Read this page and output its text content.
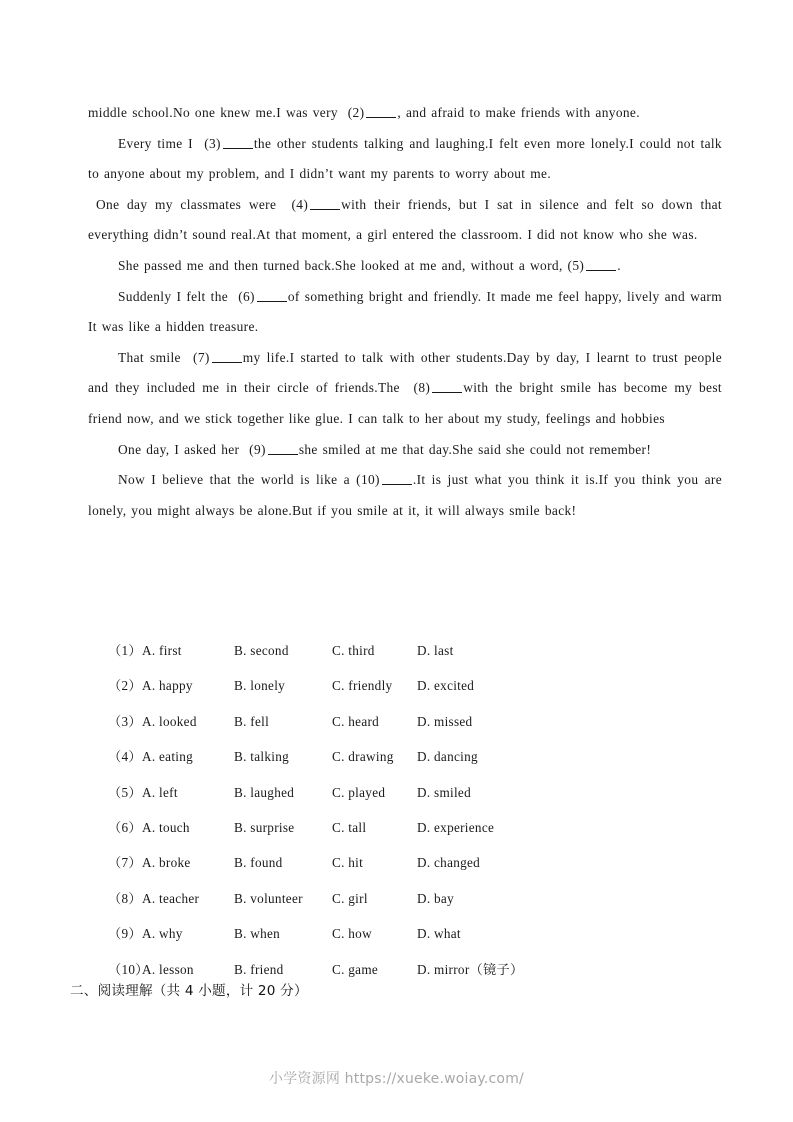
middle school.No one knew me.I was very  (2) , and afraid to make friends with anyone.
Every time I  (3) the other students talking and laughing.I felt even more lonely.I could not talk to anyone about my problem, and I didn’t want my parents to worry about me.
One day my classmates were  (4) with their friends, but I sat in silence and felt so down that everything didn’t sound real.At that moment, a girl entered the classroom. I did not know who she was.
She passed me and then turned back.She looked at me and, without a word, (5) .
Suddenly I felt the  (6) of something bright and friendly. It made me feel happy, lively and warm It was like a hidden treasure.
That smile  (7) my life.I started to talk with other students.Day by day, I learnt to trust people and they included me in their circle of friends.The  (8) with the bright smile has become my best friend now, and we stick together like glue. I can talk to her about my study, feelings and hobbies
One day, I asked her  (9) she smiled at me that day.She said she could not remember!
Now I believe that the world is like a (10) .It is just what you think it is.If you think you are lonely, you might always be alone.But if you smile at it, it will always smile back!
（1）A. first	B. second	C. third	D. last
（2）A. happy	B. lonely	C. friendly D. excited
（3）A. looked	B. fell	C. heard	D. missed
（4）A. eating	B. talking	C. drawing D. dancing
（5）A. left	B. laughed	C. played D. smiled
（6）A. touch	B. surprise	C. tall	D. experience
（7）A. broke	B. found	C. hit	D. changed
（8）A. teacher	B. volunteer C. girl	D. bay
（9）A. why	B. when	C. how	D. what
（10）A. lesson	B. friend	C. game	D. mirror（镜子）
二、阅读理解（共 4 小题，计 20 分）
小学资源网 https://xueke.woiay.com/
